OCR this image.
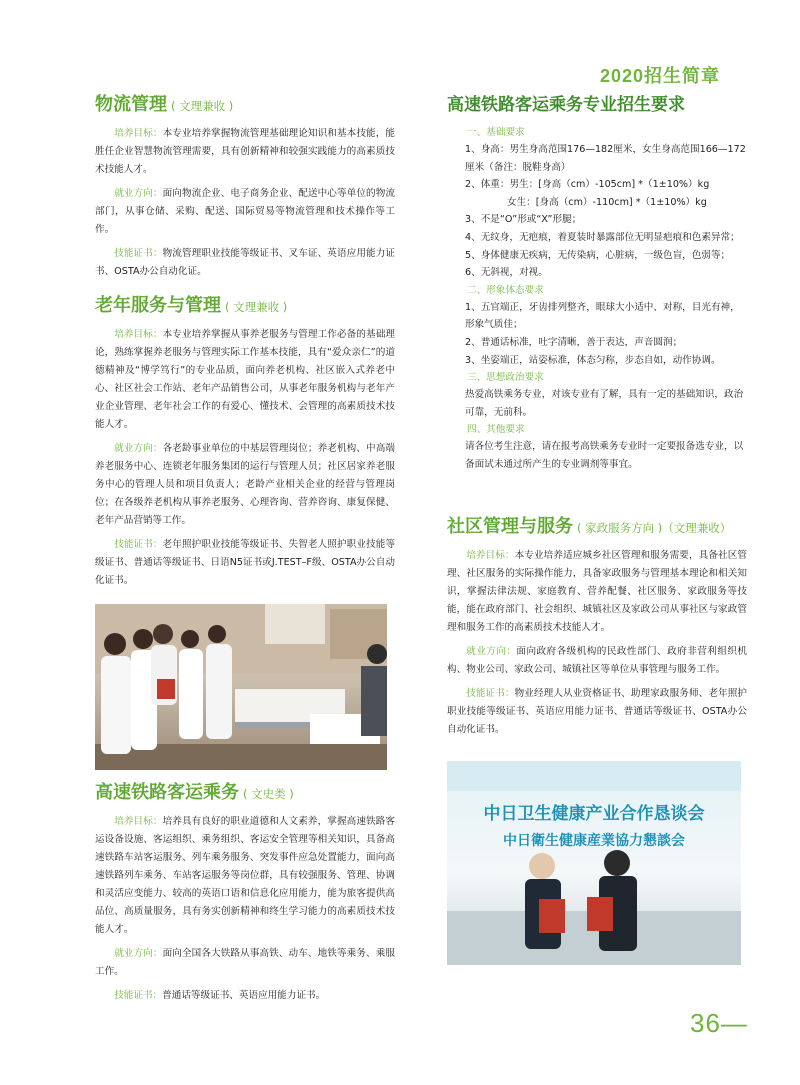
2020招生简章
物流管理 ( 文理兼收 )

培养目标：本专业培养掌握物流管理基础理论知识和基本技能，能胜任企业智慧物流管理需要，具有创新精神和较强实践能力的高素质技术技能人才。

就业方向：面向物流企业、电子商务企业、配送中心等单位的物流部门，从事仓储、采购、配送、国际贸易等物流管理和技术操作等工作。

技能证书：物流管理职业技能等级证书、叉车证、英语应用能力证书、OSTA办公自动化证。

老年服务与管理 ( 文理兼收 )

培养目标：本专业培养掌握从事养老服务与管理工作必备的基础理论，熟练掌握养老服务与管理实际工作基本技能，具有“爱众亲仁”的道德精神及“博学笃行”的专业品质，面向养老机构、社区嵌入式养老中心、社区社会工作站、老年产品销售公司，从事老年服务机构与老年产业企业管理、老年社会工作的有爱心、懂技术、会管理的高素质技术技能人才。

就业方向：各老龄事业单位的中基层管理岗位；养老机构、中高端养老服务中心、连锁老年服务集团的运行与管理人员；社区居家养老服务中心的管理人员和项目负责人；老龄产业相关企业的经营与管理岗位；在各级养老机构从事养老服务、心理咨询、营养咨询、康复保健、老年产品营销等工作。

技能证书：老年照护职业技能等级证书、失智老人照护职业技能等级证书、普通话等级证书、日语N5证书或J.TEST–F级、OSTA办公自动化证书。

高速铁路客运乘务 ( 文史类 )

培养目标：培养具有良好的职业道德和人文素养，掌握高速铁路客运设备设施、客运组织、乘务组织、客运安全管理等相关知识，具备高速铁路车站客运服务、列车乘务服务、突发事件应急处置能力，面向高速铁路列车乘务、车站客运服务等岗位群，具有较强服务、管理、协调和灵活应变能力、较高的英语口语和信息化应用能力，能为旅客提供高品位、高质量服务，具有务实创新精神和终生学习能力的高素质技术技能人才。

就业方向：面向全国各大铁路从事高铁、动车、地铁等乘务、乘服工作。

技能证书：普通话等级证书、英语应用能力证书。

高速铁路客运乘务专业招生要求
一、基础要求
1、身高：男生身高范围176—182厘米，女生身高范围166—172厘米（备注：脱鞋身高）
2、体重：男生：[身高（cm）-105cm] *（1±10%）kg
女生：[身高（cm）-110cm] *（1±10%）kg
3、不是“O”形或“X”形腿；
4、无纹身，无疤痕，着夏装时暴露部位无明显疤痕和色素异常；
5、身体健康无疾病，无传染病，心脏病，一级色盲，色弱等；
6、无斜视，对视。
二、形象体态要求
1、五官端正，牙齿排列整齐，眼球大小适中、对称，目光有神，形象气质佳；
2、普通话标准，吐字清晰，善于表达，声音圆润；
3、坐姿端正，站姿标准，体态匀称，步态自如，动作协调。
三、思想政治要求
热爱高铁乘务专业，对该专业有了解，具有一定的基础知识，政治可靠，无前科。
四、其他要求
请各位考生注意，请在报考高铁乘务专业时一定要报备选专业，以备面试未通过所产生的专业调剂等事宜。
社区管理与服务 ( 家政服务方向 )（文理兼收）

培养目标：本专业培养适应城乡社区管理和服务需要，具备社区管理、社区服务的实际操作能力，具备家政服务与管理基本理论和相关知识，掌握法律法规、家庭教育、营养配餐、社区服务、家政服务等技能，能在政府部门、社会组织、城镇社区及家政公司从事社区与家政管理和服务工作的高素质技术技能人才。

就业方向：面向政府各级机构的民政性部门、政府非营利组织机构、物业公司、家政公司、城镇社区等单位从事管理与服务工作。

技能证书：物业经理人从业资格证书、助理家政服务师、老年照护职业技能等级证书、英语应用能力证书、普通话等级证书、OSTA办公自动化证书。

中日卫生健康产业合作恳谈会
中日衛生健康産業協力懇談会
36—
